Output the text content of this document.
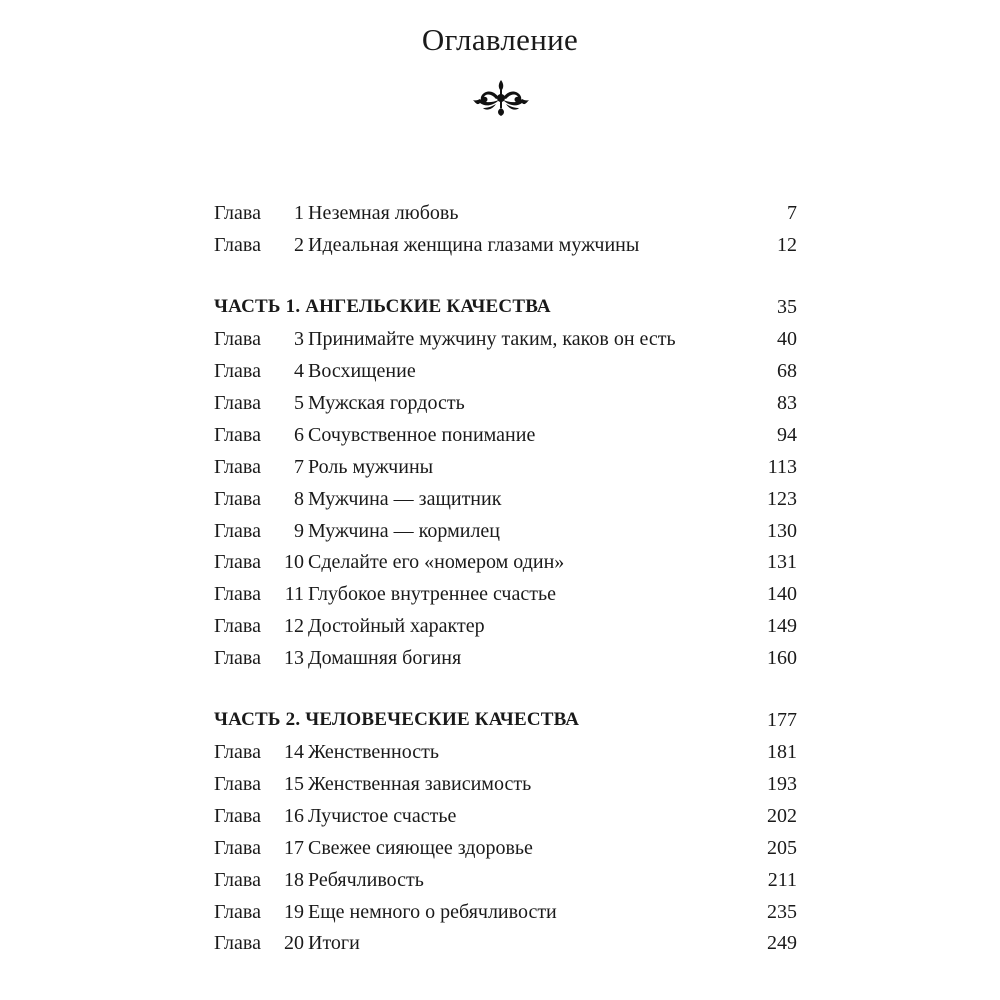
Оглавление
Глава	1 Неземная любовь	7
Глава	2 Идеальная женщина глазами мужчины	12
ЧАСТЬ 1. АНГЕЛЬСКИЕ КАЧЕСТВА	35
Глава	3 Принимайте мужчину таким, каков он есть	40
Глава	4 Восхищение	68
Глава	5 Мужская гордость	83
Глава	6 Сочувственное понимание	94
Глава	7 Роль мужчины	113
Глава	8 Мужчина — защитник	123
Глава	9 Мужчина — кормилец	130
Глава	10 Сделайте его «номером один»	131
Глава	11 Глубокое внутреннее счастье	140
Глава	12 Достойный характер	149
Глава	13 Домашняя богиня	160
ЧАСТЬ 2. ЧЕЛОВЕЧЕСКИЕ КАЧЕСТВА	177
Глава	14 Женственность	181
Глава	15 Женственная зависимость	193
Глава	16 Лучистое счастье	202
Глава	17 Свежее сияющее здоровье	205
Глава	18 Ребячливость	211
Глава	19 Еще немного о ребячливости	235
Глава	20 Итоги	249
